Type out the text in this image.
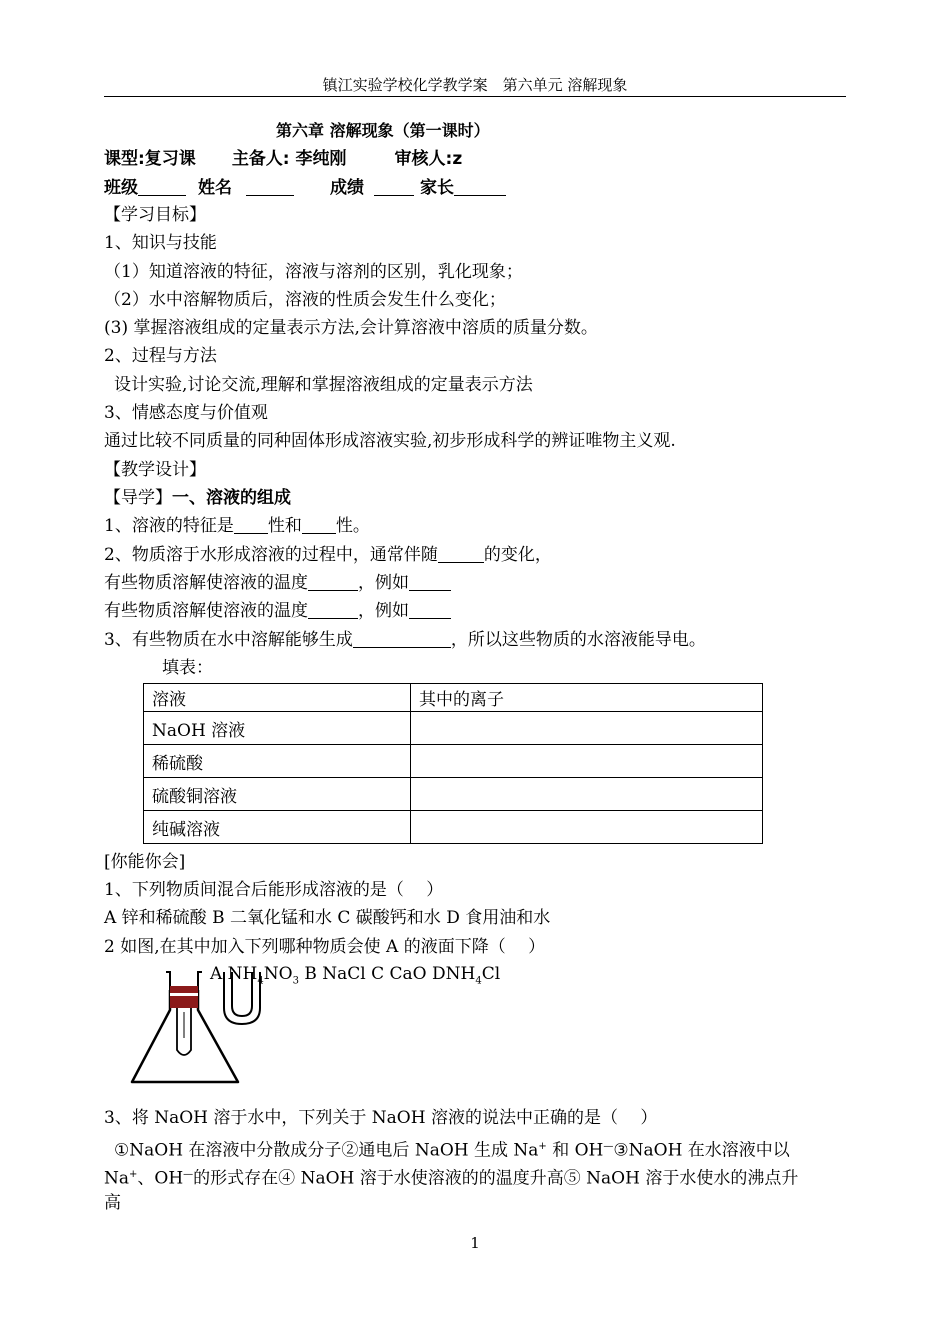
镇江实验学校化学教学案　第六单元 溶解现象
第六章 溶解现象（第一课时）
课型:复习课 主备人: 李纯刚	审核人:z
班级	姓名	成绩	家长
【学习目标】
1、知识与技能
（1）知道溶液的特征，溶液与溶剂的区别，乳化现象；
（2）水中溶解物质后，溶液的性质会发生什么变化；
(3) 掌握溶液组成的定量表示方法,会计算溶液中溶质的质量分数。
2、过程与方法
设计实验,讨论交流,理解和掌握溶液组成的定量表示方法
3、情感态度与价值观
通过比较不同质量的同种固体形成溶液实验,初步形成科学的辨证唯物主义观.
【教学设计】
【导学】一、溶液的组成
1、溶液的特征是 性和 性。
2、物质溶于水形成溶液的过程中，通常伴随	的变化，
有些物质溶解使溶液的温度	，例如
有些物质溶解使溶液的温度	，例如
3、有些物质在水中溶解能够生成	，所以这些物质的水溶液能导电。
填表：
溶液	其中的离子
NaOH 溶液	
稀硫酸	
硫酸铜溶液	
纯碱溶液	
[你能你会]
1、下列物质间混合后能形成溶液的是（　 ）
A 锌和稀硫酸 B 二氧化锰和水 C 碳酸钙和水 D 食用油和水
2 如图,在其中加入下列哪种物质会使 A 的液面下降（　 ）
A $NH_4NO_3$ B NaCl C CaO $DNH_4Cl$
3、将 NaOH 溶于水中，下列关于 NaOH 溶液的说法中正确的是（　 ）
①NaOH 在溶液中分散成分子②通电后 NaOH 生成 Na+ 和 OH—③NaOH 在水溶液中以
Na+、OH—的形式存在④ NaOH 溶于水使溶液的的温度升高⑤ NaOH 溶于水使水的沸点升
高
1
